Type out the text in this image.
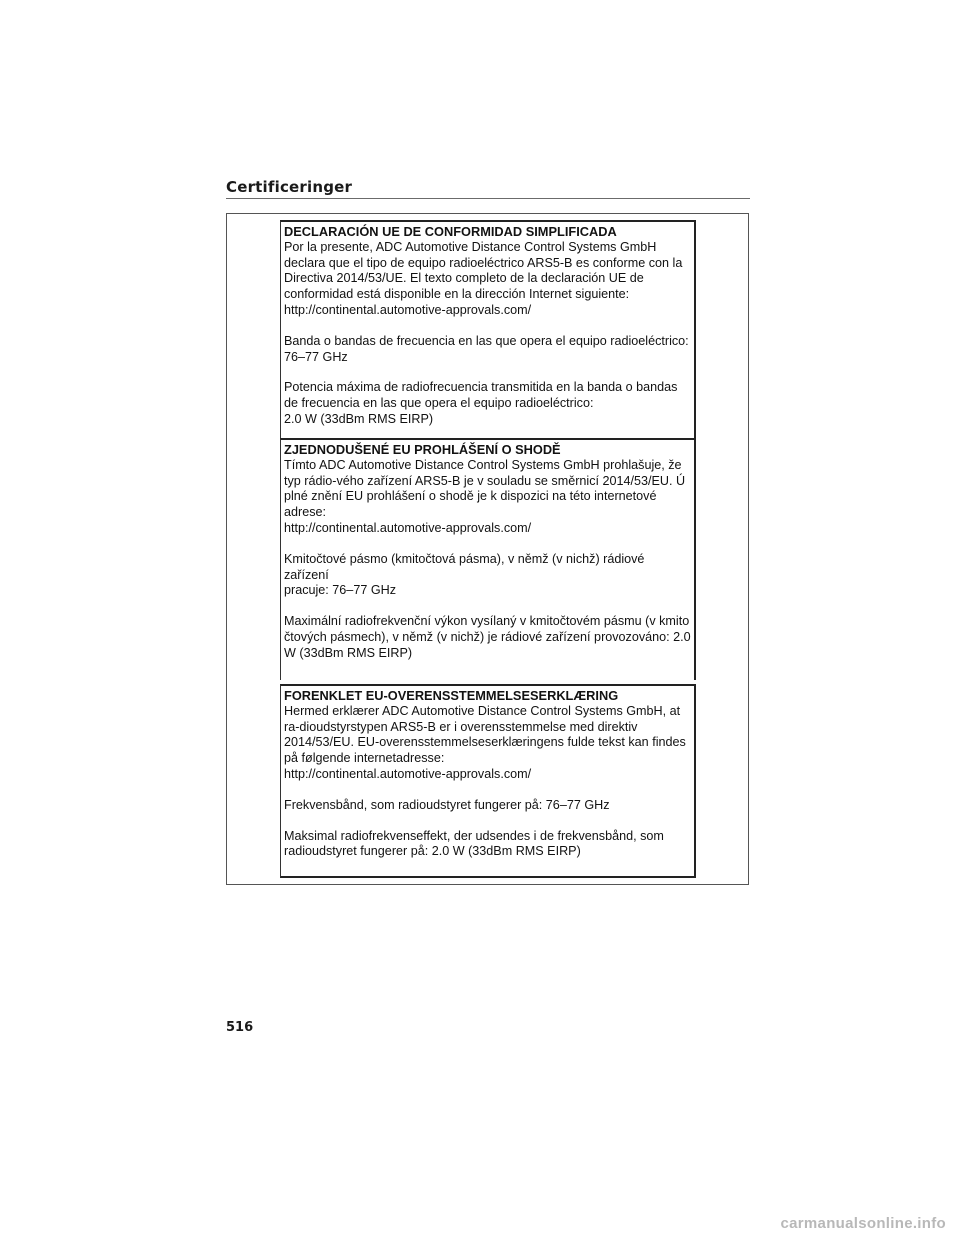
Certificeringer

DECLARACIÓN UE DE CONFORMIDAD SIMPLIFICADA

Por la presente, ADC Automotive Distance Control Systems GmbH
declara que el tipo de equipo radioeléctrico ARS5-B es conforme con la
Directiva 2014/53/UE. El texto completo de la declaración UE de
conformidad está disponible en la dirección Internet siguiente:
http://continental.automotive-approvals.com/

Banda o bandas de frecuencia en las que opera el equipo radioeléctrico:
76–77 GHz

Potencia máxima de radiofrecuencia transmitida en la banda o bandas
de frecuencia en las que opera el equipo radioeléctrico:
2.0 W (33dBm RMS EIRP)

ZJEDNODUŠENÉ EU PROHLÁŠENÍ O SHODĚ

Tímto ADC Automotive Distance Control Systems GmbH prohlašuje, že
typ rádio-vého zařízení ARS5-B je v souladu se směrnicí 2014/53/EU. Ú
plné znění EU prohlášení o shodě je k dispozici na této internetové
adrese:
http://continental.automotive-approvals.com/

Kmitočtové pásmo (kmitočtová pásma), v němž (v nichž) rádiové zařízení
pracuje: 76–77 GHz

Maximální radiofrekvenční výkon vysílaný v kmitočtovém pásmu (v kmito
čtových pásmech), v němž (v nichž) je rádiové zařízení provozováno: 2.0
W (33dBm RMS EIRP)

FORENKLET EU-OVERENSSTEMMELSESERKLÆRING

Hermed erklærer ADC Automotive Distance Control Systems GmbH, at
ra-dioudstyrstypen ARS5-B er i overensstemmelse med direktiv
2014/53/EU. EU-overensstemmelseserklæringens fulde tekst kan findes
på følgende internetadresse:
http://continental.automotive-approvals.com/

Frekvensbånd, som radioudstyret fungerer på: 76–77 GHz

Maksimal radiofrekvenseffekt, der udsendes i de frekvensbånd, som
radioudstyret fungerer på: 2.0 W (33dBm RMS EIRP)

516
carmanualsonline.info
